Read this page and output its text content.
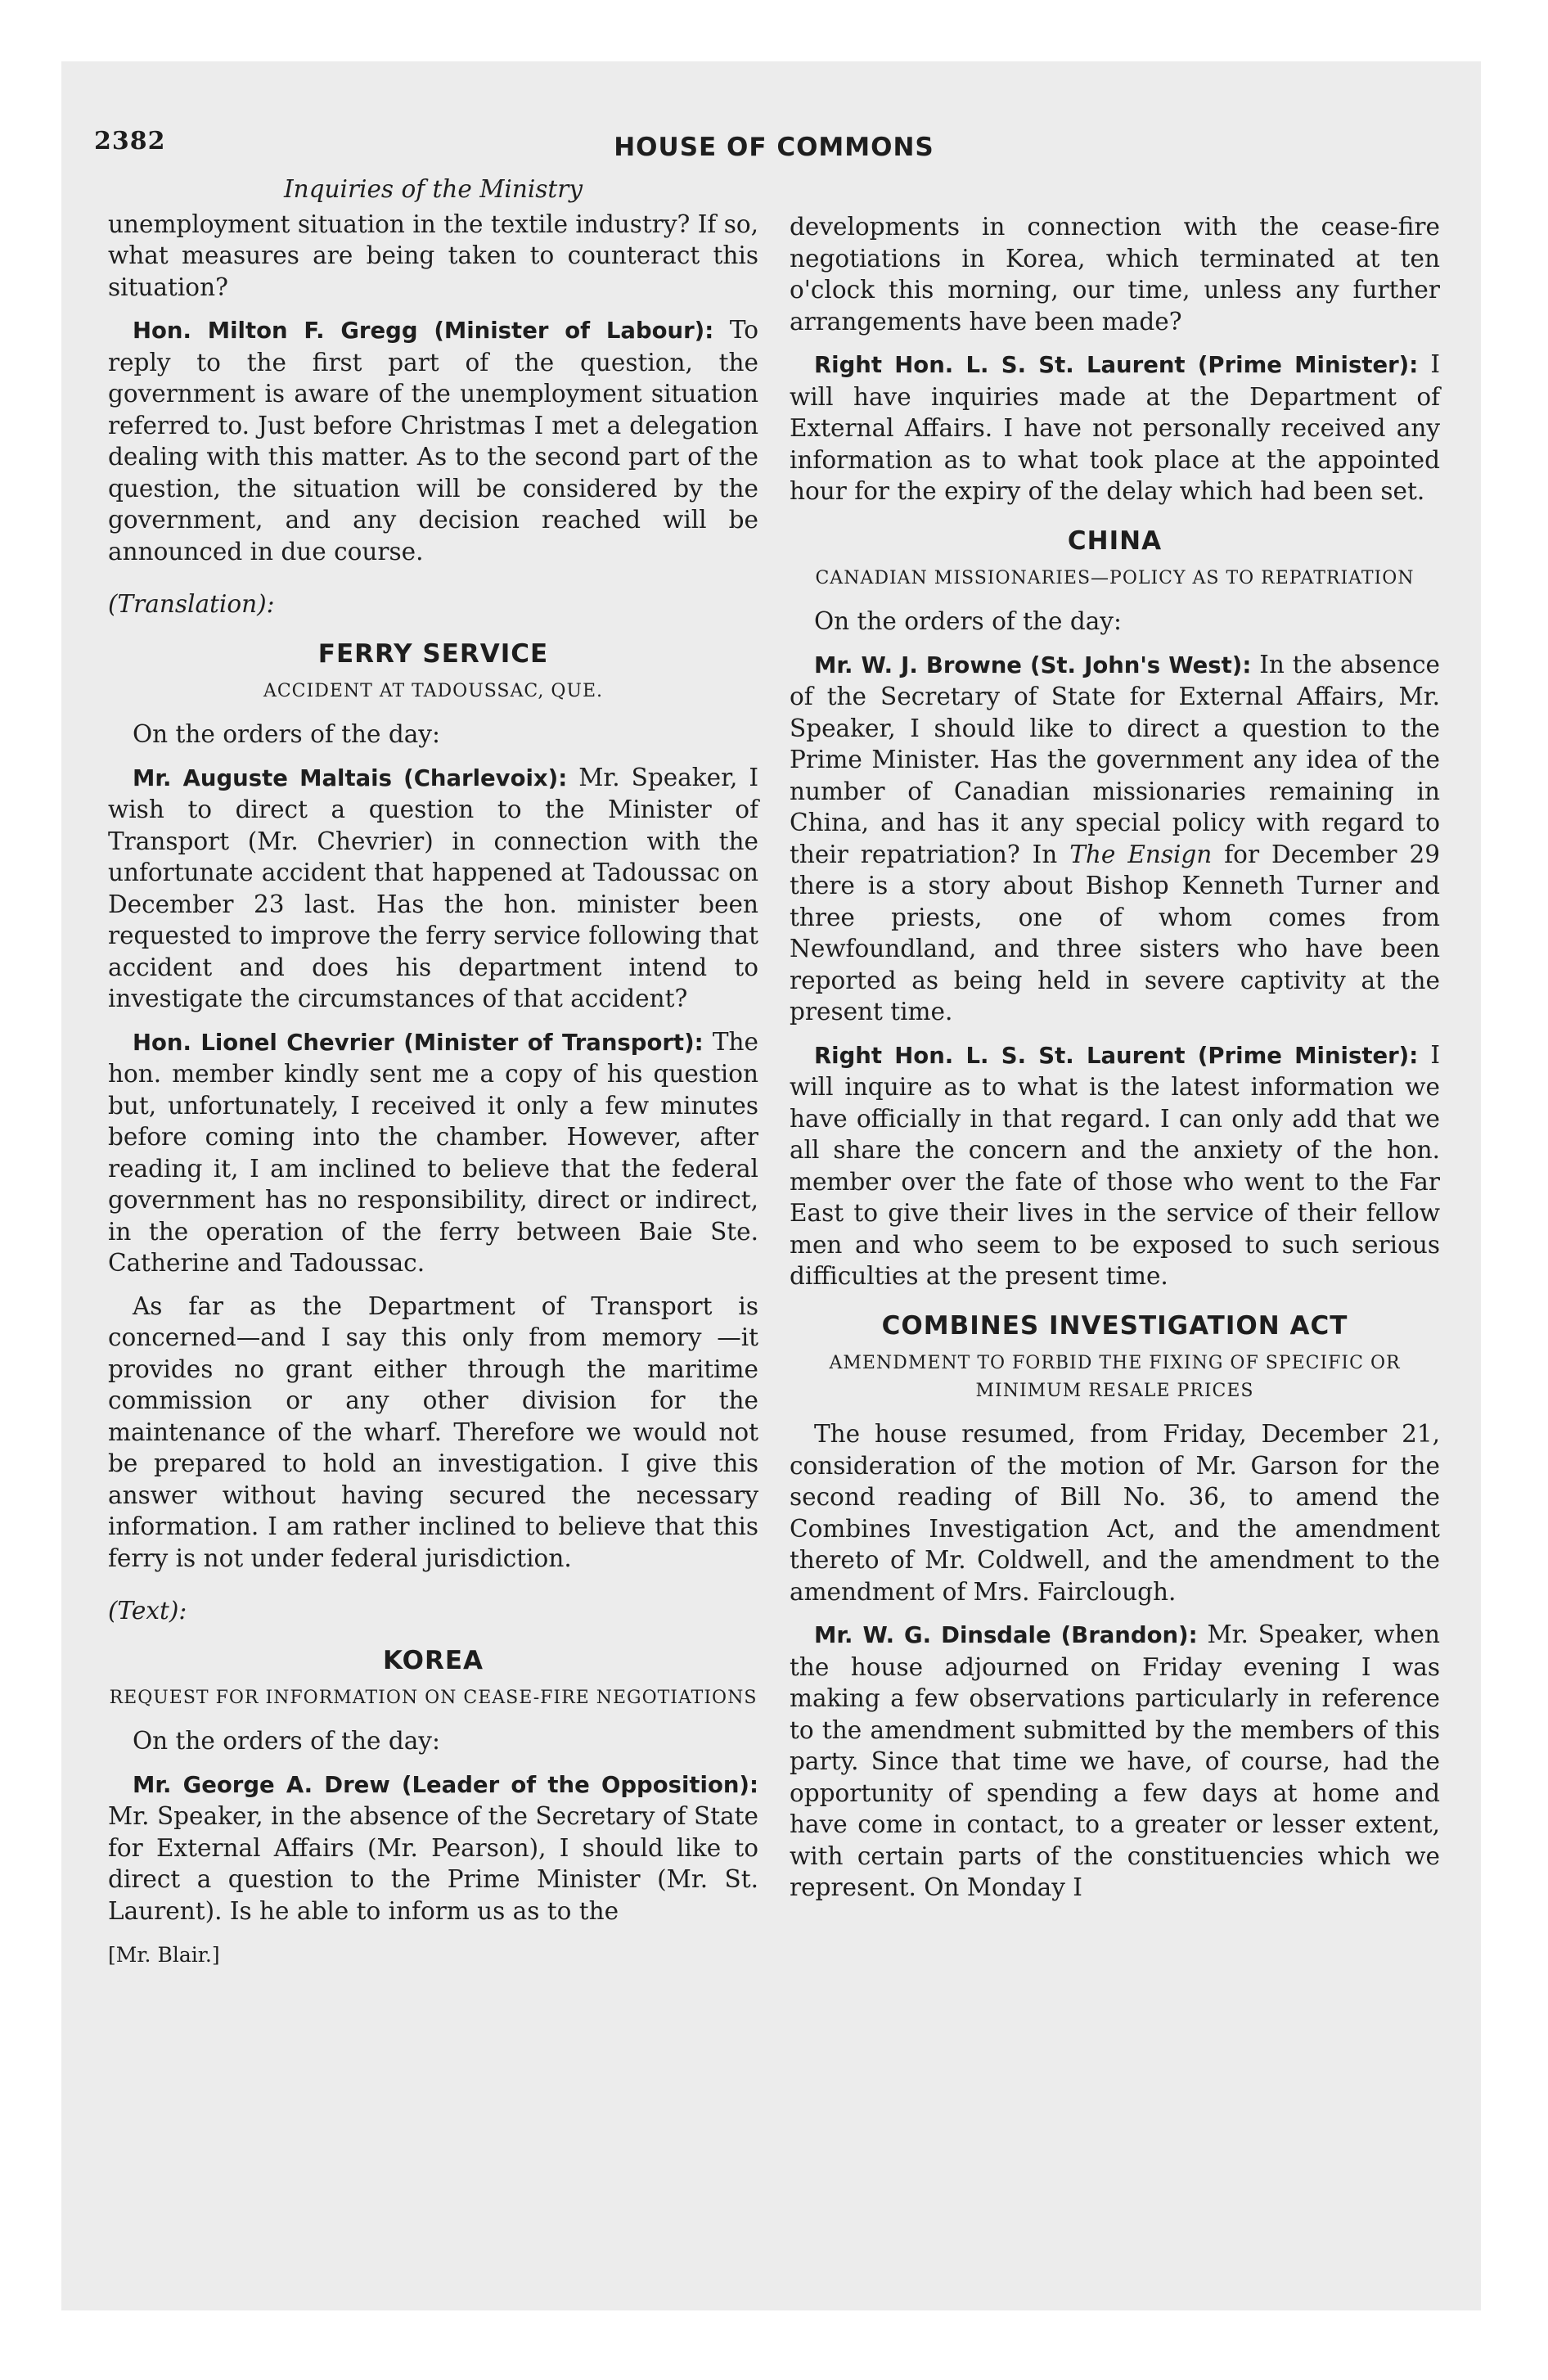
2382	HOUSE OF COMMONS
Inquiries of the Ministry

unemployment situation in the textile industry? If so, what measures are being taken to counteract this situation?

Hon. Milton F. Gregg (Minister of Labour): To reply to the first part of the question, the government is aware of the unemployment situation referred to. Just before Christmas I met a delegation dealing with this matter. As to the second part of the question, the situation will be considered by the government, and any decision reached will be announced in due course.

(Translation):
FERRY SERVICE
ACCIDENT AT TADOUSSAC, QUE.

On the orders of the day:

Mr. Auguste Maltais (Charlevoix): Mr. Speaker, I wish to direct a question to the Minister of Transport (Mr. Chevrier) in connection with the unfortunate accident that happened at Tadoussac on December 23 last. Has the hon. minister been requested to improve the ferry service following that accident and does his department intend to investigate the circumstances of that accident?

Hon. Lionel Chevrier (Minister of Transport): The hon. member kindly sent me a copy of his question but, unfortunately, I received it only a few minutes before coming into the chamber. However, after reading it, I am inclined to believe that the federal government has no responsibility, direct or indirect, in the operation of the ferry between Baie Ste. Catherine and Tadoussac.

As far as the Department of Transport is concerned—and I say this only from memory —it provides no grant either through the maritime commission or any other division for the maintenance of the wharf. Therefore we would not be prepared to hold an investigation. I give this answer without having secured the necessary information. I am rather inclined to believe that this ferry is not under federal jurisdiction.

(Text):
KOREA
REQUEST FOR INFORMATION ON CEASE-FIRE NEGOTIATIONS

On the orders of the day:

Mr. George A. Drew (Leader of the Opposition): Mr. Speaker, in the absence of the Secretary of State for External Affairs (Mr. Pearson), I should like to direct a question to the Prime Minister (Mr. St. Laurent). Is he able to inform us as to the

[Mr. Blair.]

developments in connection with the cease-fire negotiations in Korea, which terminated at ten o'clock this morning, our time, unless any further arrangements have been made?

Right Hon. L. S. St. Laurent (Prime Minister): I will have inquiries made at the Department of External Affairs. I have not personally received any information as to what took place at the appointed hour for the expiry of the delay which had been set.

CHINA
CANADIAN MISSIONARIES—POLICY AS TO REPATRIATION

On the orders of the day:

Mr. W. J. Browne (St. John's West): In the absence of the Secretary of State for External Affairs, Mr. Speaker, I should like to direct a question to the Prime Minister. Has the government any idea of the number of Canadian missionaries remaining in China, and has it any special policy with regard to their repatriation? In The Ensign for December 29 there is a story about Bishop Kenneth Turner and three priests, one of whom comes from Newfoundland, and three sisters who have been reported as being held in severe captivity at the present time.

Right Hon. L. S. St. Laurent (Prime Minister): I will inquire as to what is the latest information we have officially in that regard. I can only add that we all share the concern and the anxiety of the hon. member over the fate of those who went to the Far East to give their lives in the service of their fellow men and who seem to be exposed to such serious difficulties at the present time.

COMBINES INVESTIGATION ACT
AMENDMENT TO FORBID THE FIXING OF SPECIFIC OR MINIMUM RESALE PRICES

The house resumed, from Friday, December 21, consideration of the motion of Mr. Garson for the second reading of Bill No. 36, to amend the Combines Investigation Act, and the amendment thereto of Mr. Coldwell, and the amendment to the amendment of Mrs. Fairclough.

Mr. W. G. Dinsdale (Brandon): Mr. Speaker, when the house adjourned on Friday evening I was making a few observations particularly in reference to the amendment submitted by the members of this party. Since that time we have, of course, had the opportunity of spending a few days at home and have come in contact, to a greater or lesser extent, with certain parts of the constituencies which we represent. On Monday I
